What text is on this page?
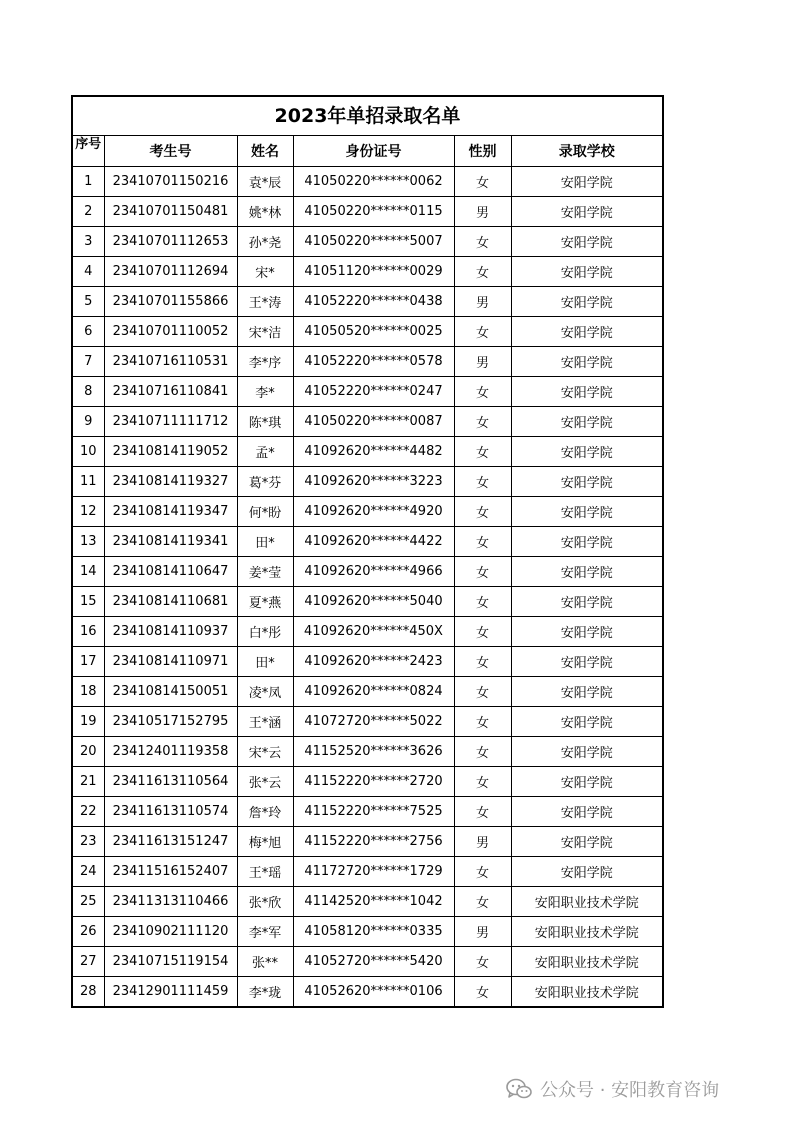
2023年单招录取名单
序号	考生号	姓名	身份证号	性别	录取学校
1	23410701150216	袁*辰	41050220******0062	女	安阳学院
2	23410701150481	姚*林	41050220******0115	男	安阳学院
3	23410701112653	孙*尧	41050220******5007	女	安阳学院
4	23410701112694	宋*	41051120******0029	女	安阳学院
5	23410701155866	王*涛	41052220******0438	男	安阳学院
6	23410701110052	宋*洁	41050520******0025	女	安阳学院
7	23410716110531	李*序	41052220******0578	男	安阳学院
8	23410716110841	李*	41052220******0247	女	安阳学院
9	23410711111712	陈*琪	41050220******0087	女	安阳学院
10	23410814119052	孟*	41092620******4482	女	安阳学院
11	23410814119327	葛*芬	41092620******3223	女	安阳学院
12	23410814119347	何*盼	41092620******4920	女	安阳学院
13	23410814119341	田*	41092620******4422	女	安阳学院
14	23410814110647	姜*莹	41092620******4966	女	安阳学院
15	23410814110681	夏*燕	41092620******5040	女	安阳学院
16	23410814110937	白*彤	41092620******450X	女	安阳学院
17	23410814110971	田*	41092620******2423	女	安阳学院
18	23410814150051	凌*凤	41092620******0824	女	安阳学院
19	23410517152795	王*涵	41072720******5022	女	安阳学院
20	23412401119358	宋*云	41152520******3626	女	安阳学院
21	23411613110564	张*云	41152220******2720	女	安阳学院
22	23411613110574	詹*玲	41152220******7525	女	安阳学院
23	23411613151247	梅*旭	41152220******2756	男	安阳学院
24	23411516152407	王*瑶	41172720******1729	女	安阳学院
25	23411313110466	张*欣	41142520******1042	女	安阳职业技术学院
26	23410902111120	李*军	41058120******0335	男	安阳职业技术学院
27	23410715119154	张**	41052720******5420	女	安阳职业技术学院
28	23412901111459	李*珑	41052620******0106	女	安阳职业技术学院
公众号 · 安阳教育咨询
